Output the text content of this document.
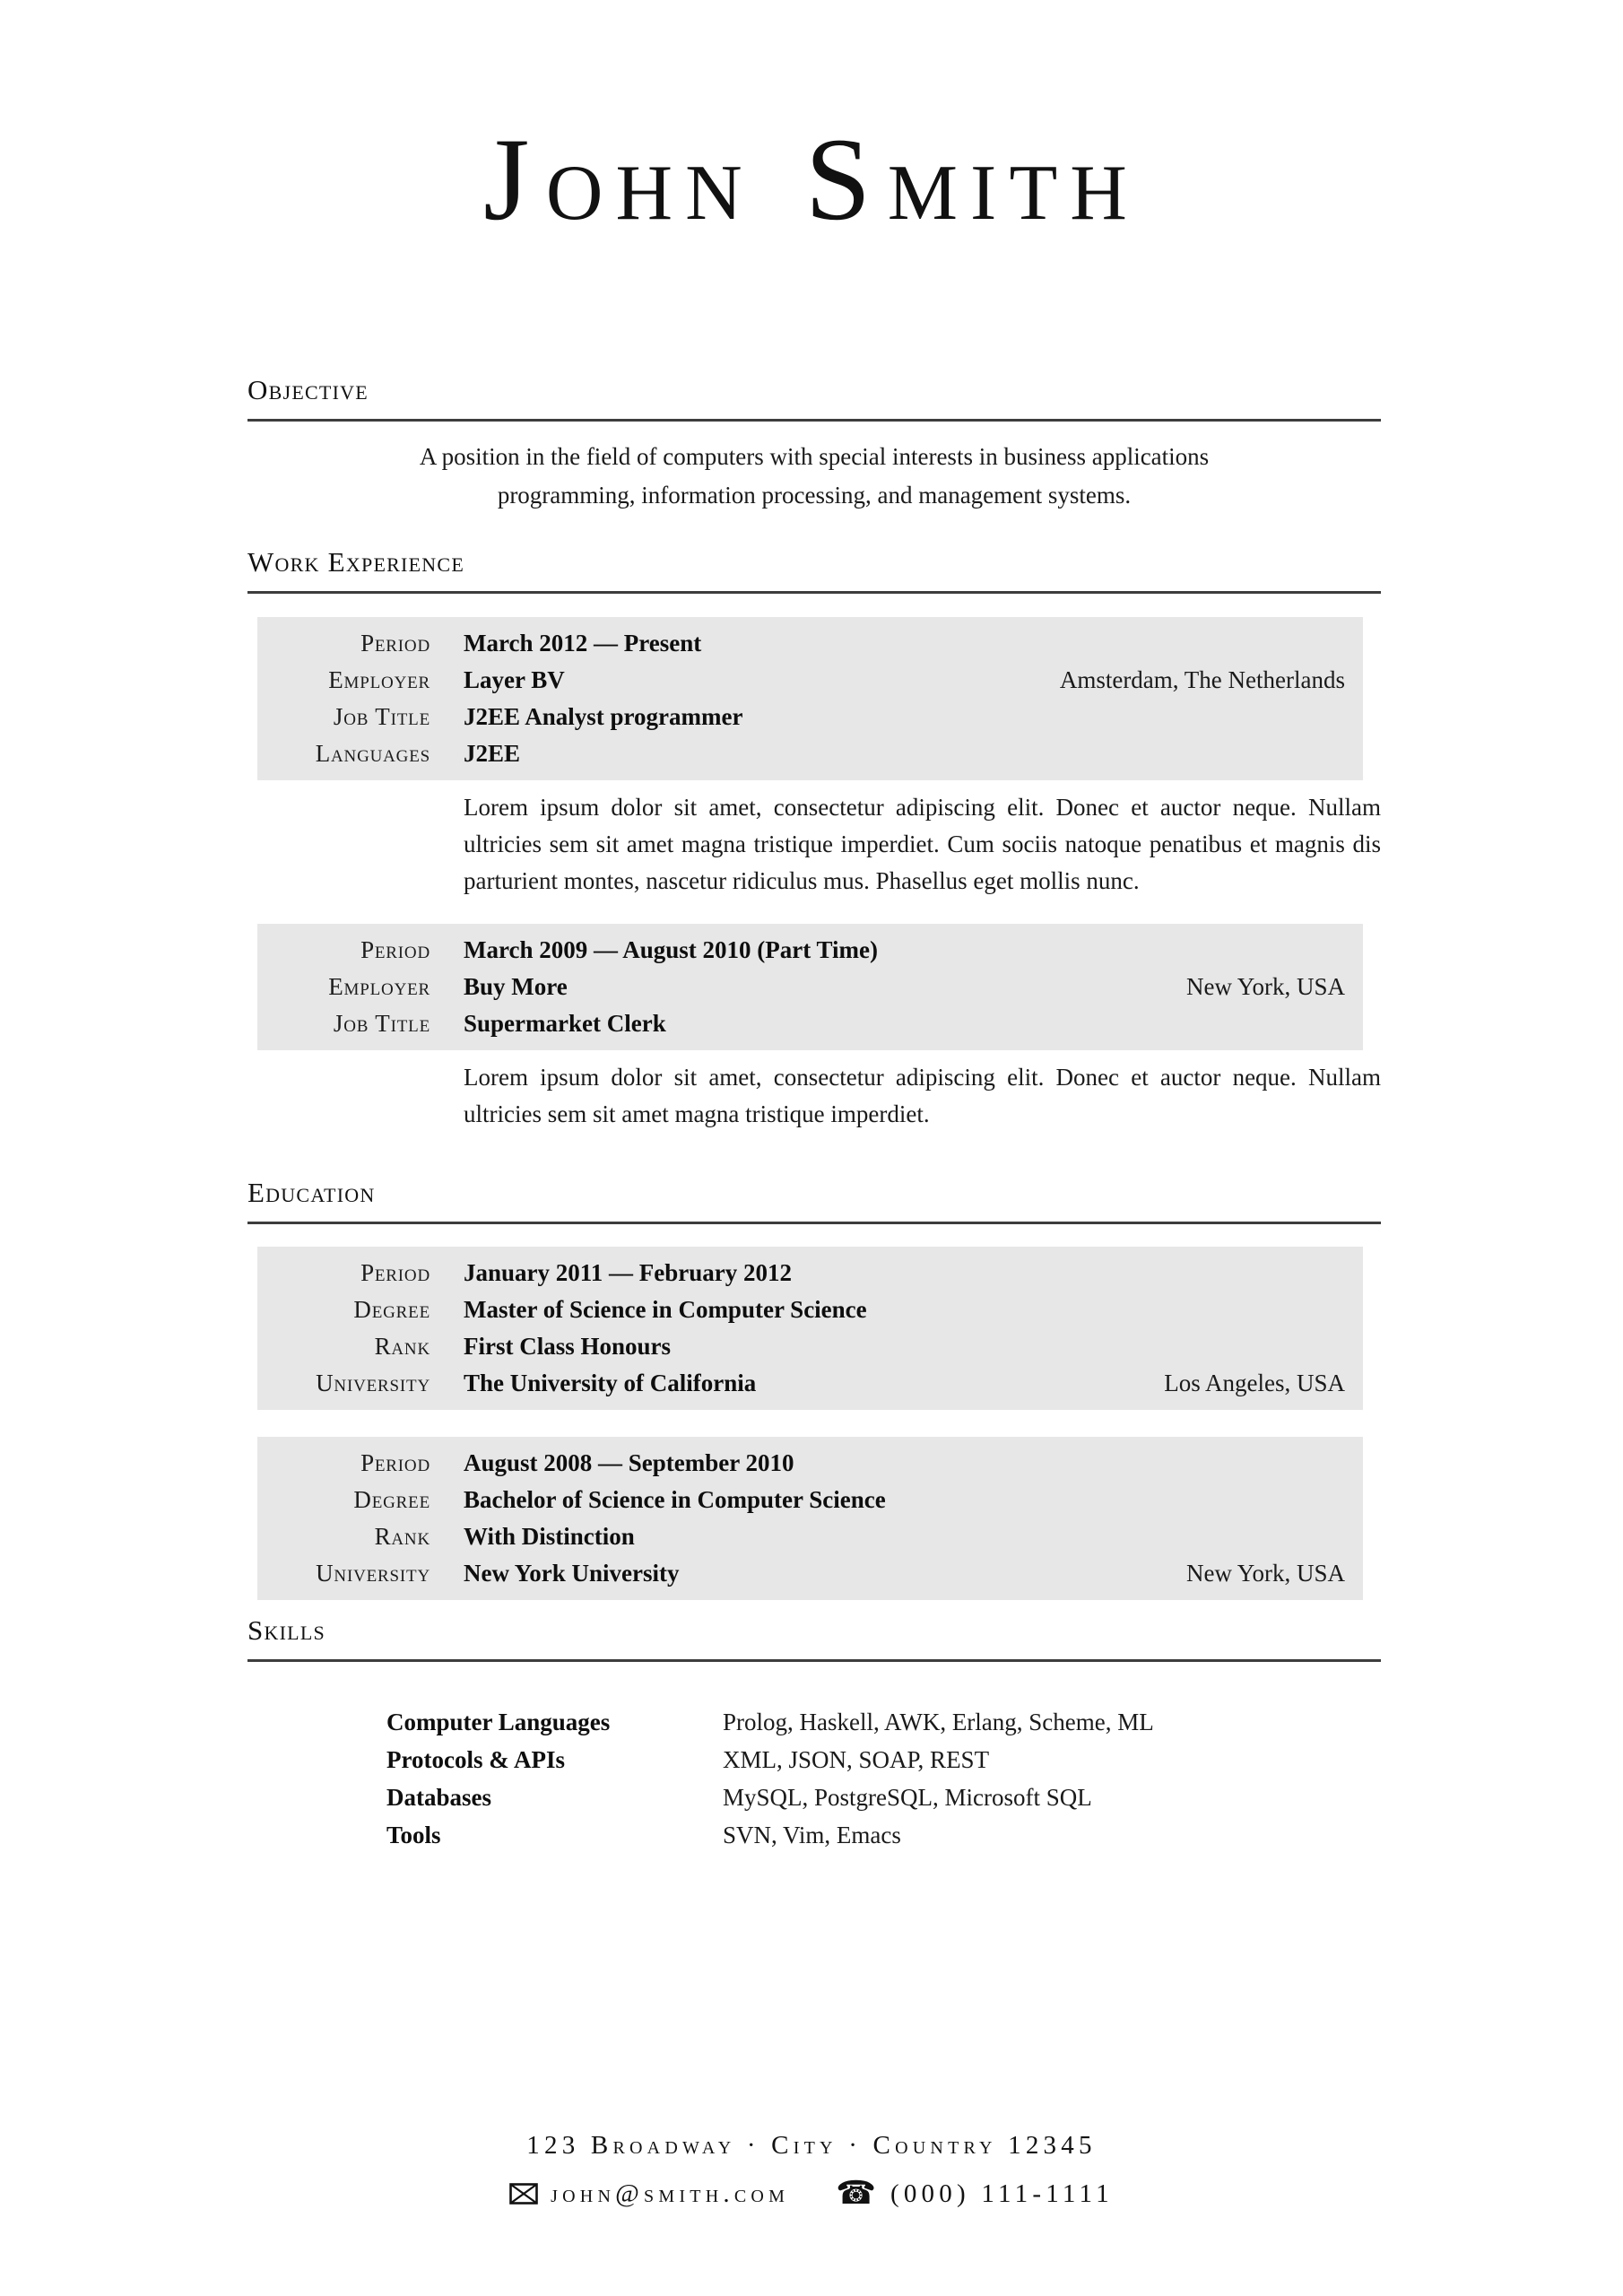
JOHN SMITH
Objective

A position in the field of computers with special interests in business applications programming, information processing, and management systems.

Work Experience
Period March 2012 — Present
Employer Layer BV	Amsterdam, The Netherlands
Job Title J2EE Analyst programmer
Languages J2EE

Lorem ipsum dolor sit amet, consectetur adipiscing elit. Donec et auctor neque. Nullam ultricies sem sit amet magna tristique imperdiet. Cum sociis natoque penatibus et magnis dis parturient montes, nascetur ridiculus mus. Phasellus eget mollis nunc.

Period March 2009 — August 2010 (Part Time)
Employer Buy More	New York, USA
Job Title Supermarket Clerk

Lorem ipsum dolor sit amet, consectetur adipiscing elit. Donec et auctor neque. Nullam ultricies sem sit amet magna tristique imperdiet.

Education
Period January 2011 — February 2012
Degree Master of Science in Computer Science
Rank First Class Honours
University The University of California	Los Angeles, USA
Period August 2008 — September 2010
Degree Bachelor of Science in Computer Science
Rank With Distinction
University New York University	New York, USA
Skills
Computer Languages	Prolog, Haskell, AWK, Erlang, Scheme, ML
Protocols & APIs	XML, JSON, SOAP, REST
Databases	MySQL, PostgreSQL, Microsoft SQL
Tools	SVN, Vim, Emacs
123 Broadway · City · Country 12345
john@smith.com ☎ (000) 111-1111
